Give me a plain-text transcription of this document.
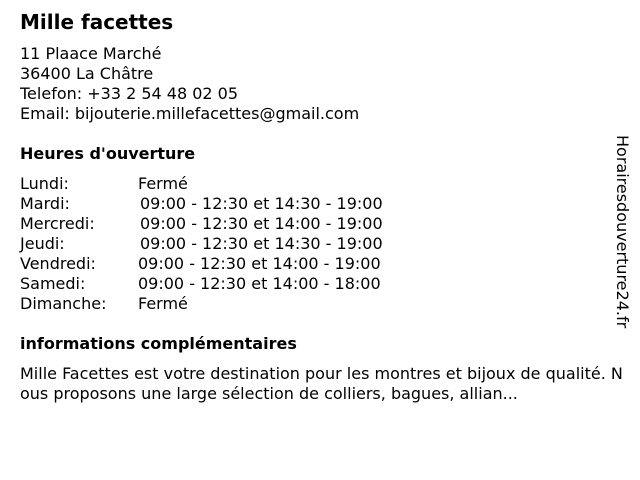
Mille facettes
11 Plaace Marché
36400 La Châtre
Telefon: +33 2 54 48 02 05
Email: bijouterie.millefacettes@gmail.com
Heures d'ouverture
Lundi:	Fermé
Mardi:	09:00 - 12:30 et 14:30 - 19:00
Mercredi:	09:00 - 12:30 et 14:00 - 19:00
Jeudi:	09:00 - 12:30 et 14:30 - 19:00
Vendredi:	09:00 - 12:30 et 14:00 - 19:00
Samedi:	09:00 - 12:30 et 14:00 - 18:00
Dimanche: Fermé
informations complémentaires
Mille Facettes est votre destination pour les montres et bijoux de qualité. Nous proposons une large sélection de colliers, bagues, allian...
Horairesdouverture24.fr
